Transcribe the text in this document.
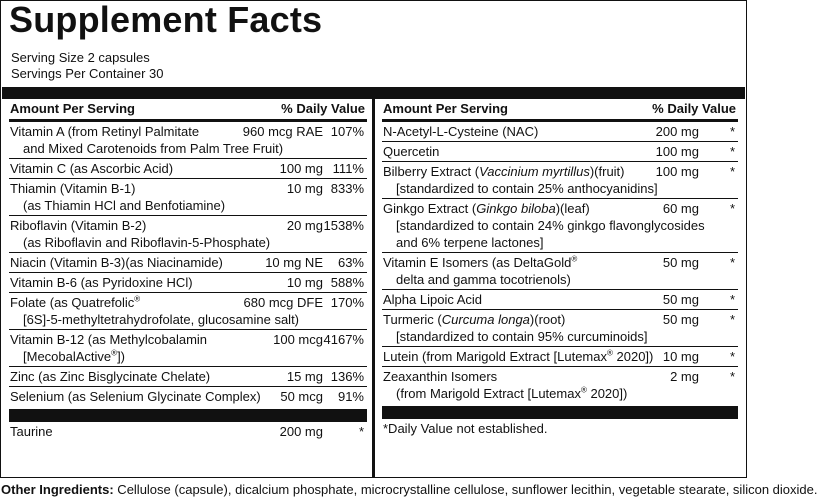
Supplement Facts
Serving Size 2 capsules
Servings Per Container 30
Amount Per Serving	% Daily Value
Vitamin A (from Retinyl Palmitate
and Mixed Carotenoids from Palm Tree Fruit)
960 mcg RAE 107%
Vitamin C (as Ascorbic Acid)	100 mg 111%
Thiamin (Vitamin B-1)
(as Thiamin HCl and Benfotiamine)
10 mg 833%
Riboflavin (Vitamin B-2)
(as Riboflavin and Riboflavin-5-Phosphate)
20 mg 1538%
Niacin (Vitamin B-3)(as Niacinamide)	10 mg NE 63%
Vitamin B-6 (as Pyridoxine HCl)	10 mg 588%
Folate (as Quatrefolic®
[6S]-5-methyltetrahydrofolate, glucosamine salt)
680 mcg DFE 170%
Vitamin B-12 (as Methylcobalamin
[MecobalActive®])
100 mcg 4167%
Zinc (as Zinc Bisglycinate Chelate)	15 mg 136%
Selenium (as Selenium Glycinate Complex) 50 mcg 91%
Taurine	200 mg	*
Amount Per Serving	% Daily Value
N-Acetyl-L-Cysteine (NAC)	200 mg *
Quercetin	100 mg *
Bilberry Extract (Vaccinium myrtillus)(fruit)
[standardized to contain 25% anthocyanidins]
100 mg *
Ginkgo Extract (Ginkgo biloba)(leaf)
[standardized to contain 24% ginkgo flavonglycosides
and 6% terpene lactones]
60 mg *
Vitamin E Isomers (as DeltaGold®
delta and gamma tocotrienols)
50 mg *
Alpha Lipoic Acid	50 mg *
Turmeric (Curcuma longa)(root)
[standardized to contain 95% curcuminoids]
50 mg *
Lutein (from Marigold Extract [Lutemax® 2020]) 10 mg *
Zeaxanthin Isomers
(from Marigold Extract [Lutemax® 2020])
2 mg *
*Daily Value not established.
Other Ingredients: Cellulose (capsule), dicalcium phosphate, microcrystalline cellulose, sunflower lecithin, vegetable stearate, silicon dioxide.
